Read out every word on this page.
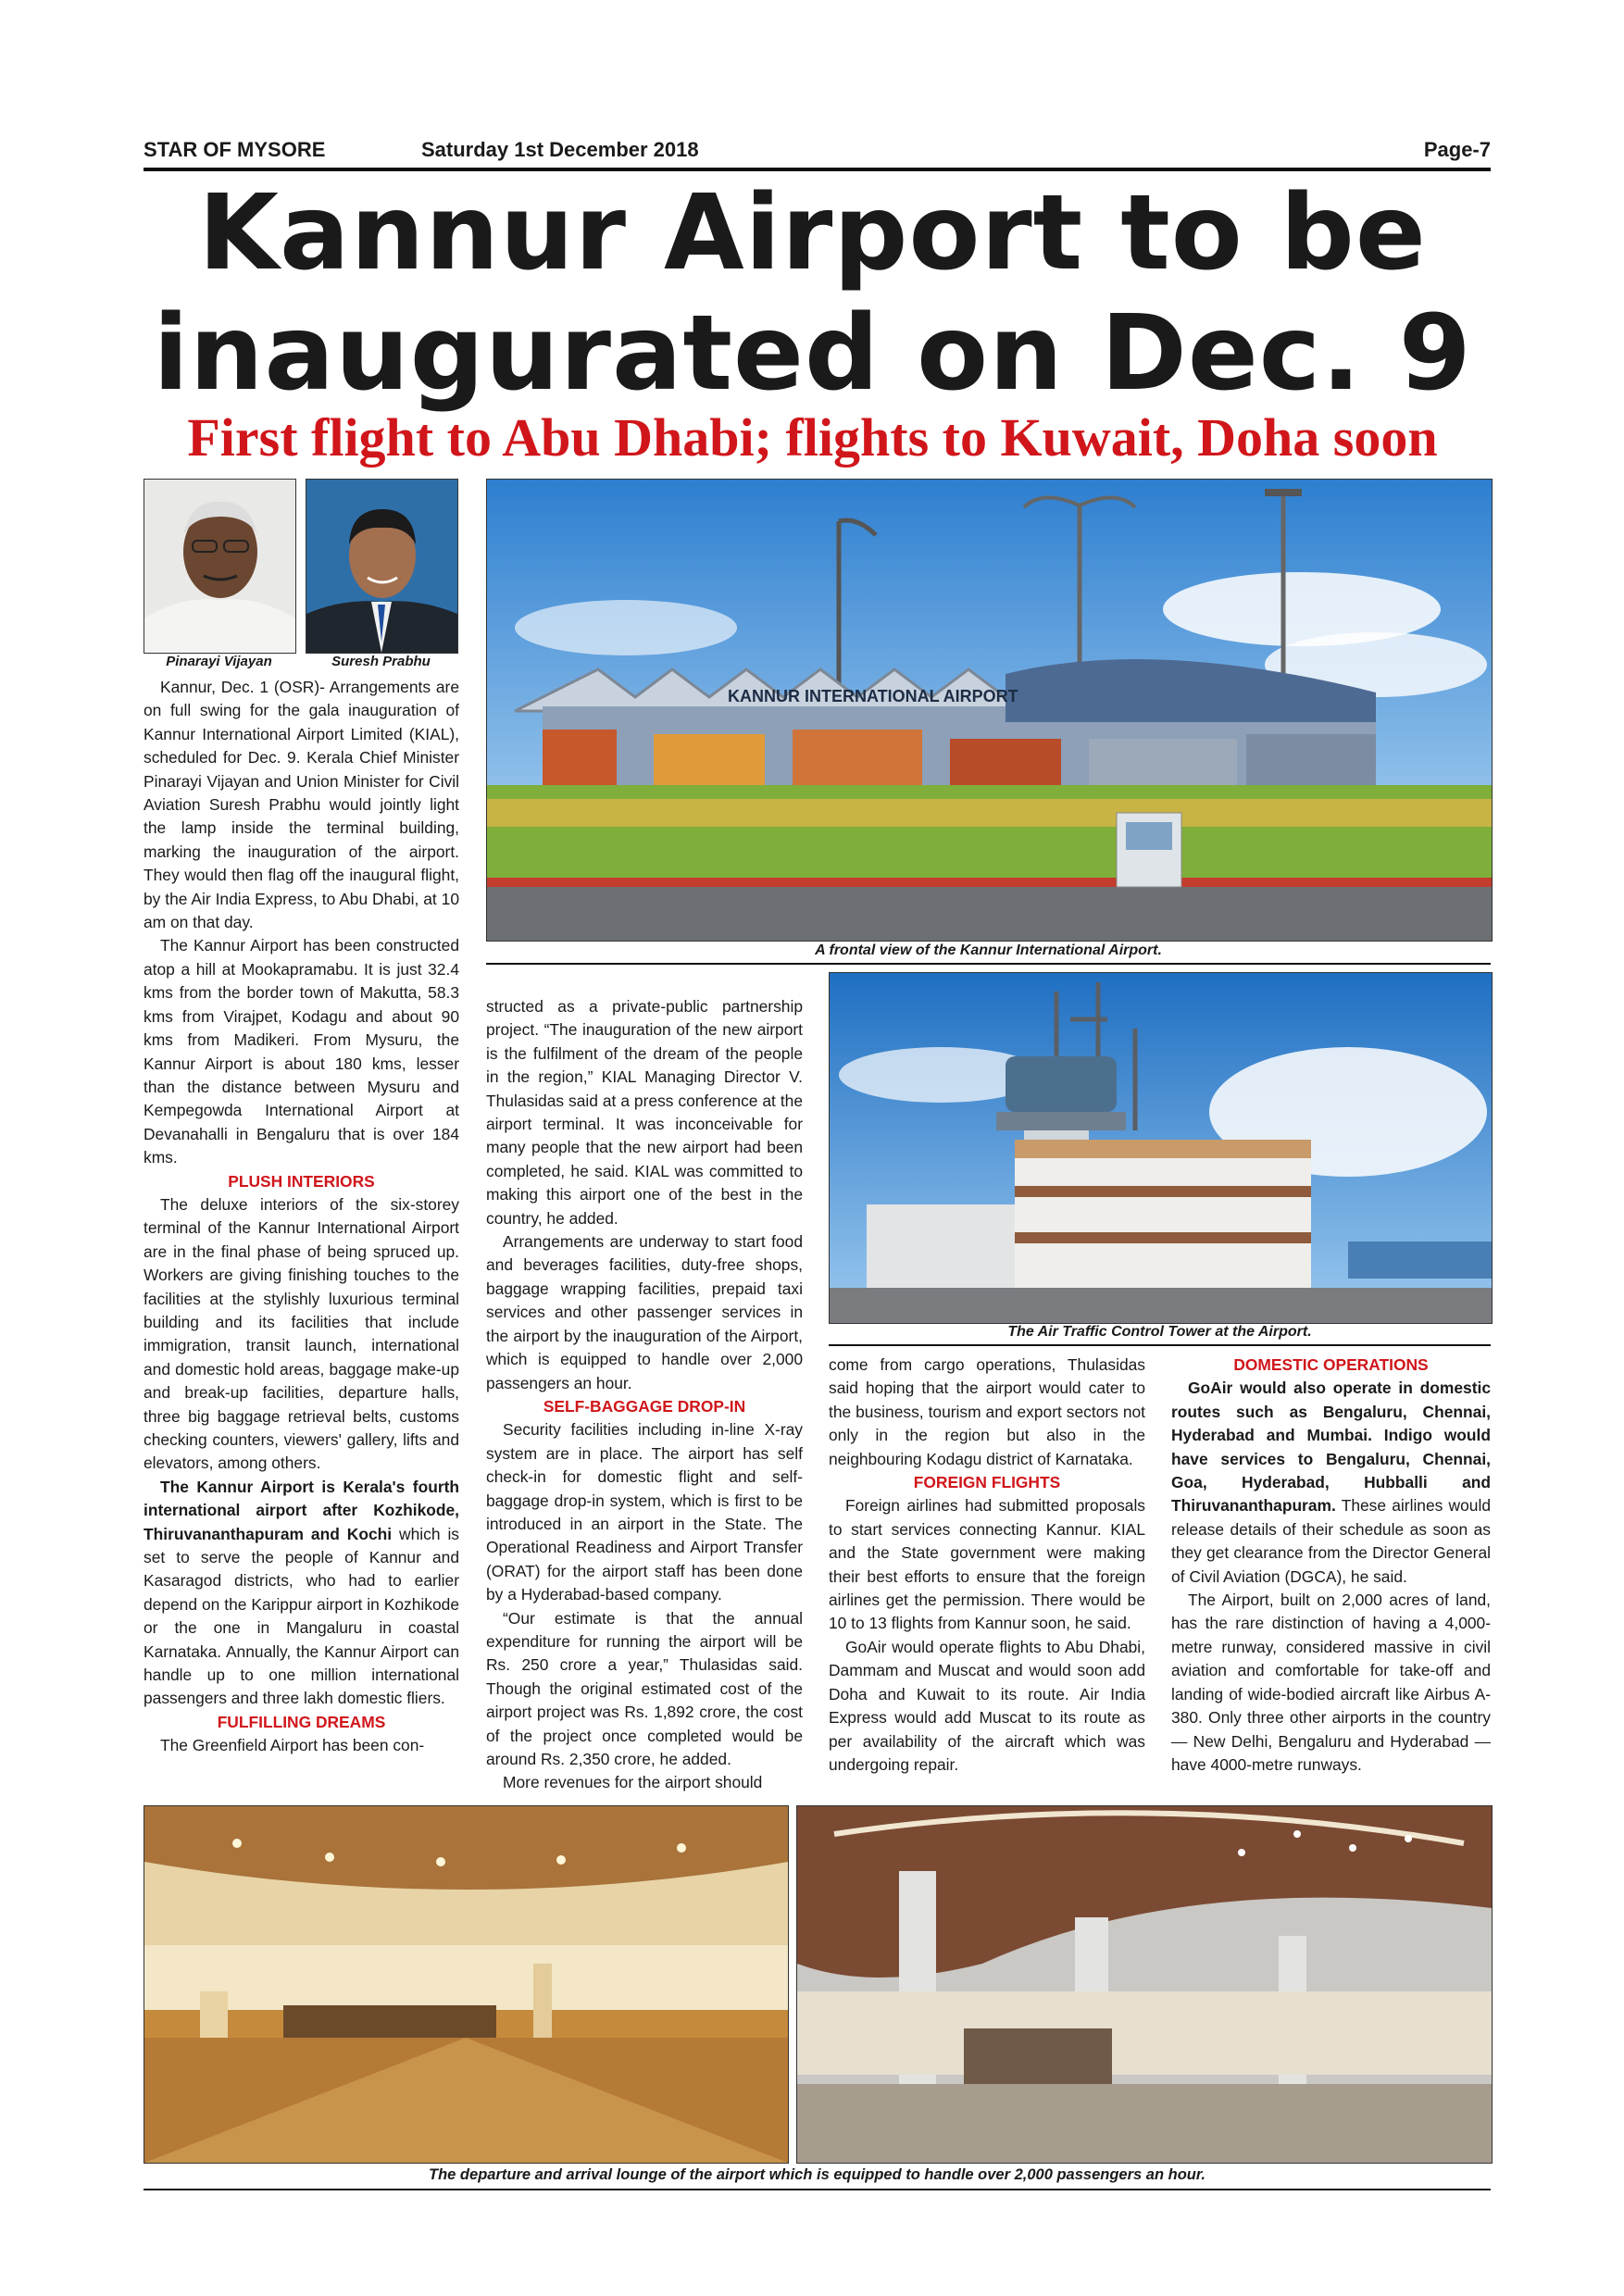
STAR OF MYSORE	Saturday 1st December 2018	Page-7
Kannur Airport to be
inaugurated on Dec. 9
First flight to Abu Dhabi; flights to Kuwait, Doha soon
Pinarayi Vijayan	Suresh Prabhu
KANNUR INTERNATIONAL AIRPORT
A frontal view of the Kannur International Airport.

Kannur, Dec. 1 (OSR)- Arrangements are on full swing for the gala inauguration of Kannur International Airport Limited (KIAL), scheduled for Dec. 9. Kerala Chief Minister Pinarayi Vijayan and Union Minister for Civil Aviation Suresh Prabhu would jointly light the lamp inside the terminal building, marking the inauguration of the airport. They would then flag off the inaugural flight, by the Air India Express, to Abu Dhabi, at 10 am on that day.

The Kannur Airport has been constructed atop a hill at Mookapramabu. It is just 32.4 kms from the border town of Makutta, 58.3 kms from Virajpet, Kodagu and about 90 kms from Madikeri. From Mysuru, the Kannur Airport is about 180 kms, lesser than the distance between Mysuru and Kempegowda International Airport at Devanahalli in Bengaluru that is over 184 kms.

PLUSH INTERIORS

The deluxe interiors of the six-storey terminal of the Kannur International Airport are in the final phase of being spruced up. Workers are giving finishing touches to the facilities at the stylishly luxurious terminal building and its facilities that include immigration, transit launch, international and domestic hold areas, baggage make-up and break-up facilities, departure halls, three big baggage retrieval belts, customs checking counters, viewers' gallery, lifts and elevators, among others.

The Kannur Airport is Kerala's fourth international airport after Kozhikode, Thiruvananthapuram and Kochi which is set to serve the people of Kannur and Kasaragod districts, who had to earlier depend on the Karippur airport in Kozhikode or the one in Mangaluru in coastal Karnataka. Annually, the Kannur Airport can handle up to one million international passengers and three lakh domestic fliers.

FULFILLING DREAMS

The Greenfield Airport has been con-

structed as a private-public partnership project. “The inauguration of the new airport is the fulfilment of the dream of the people in the region,” KIAL Managing Director V. Thulasidas said at a press conference at the airport terminal. It was inconceivable for many people that the new airport had been completed, he said. KIAL was committed to making this airport one of the best in the country, he added.

Arrangements are underway to start food and beverages facilities, duty-free shops, baggage wrapping facilities, prepaid taxi services and other passenger services in the airport by the inauguration of the Airport, which is equipped to handle over 2,000 passengers an hour.

SELF-BAGGAGE DROP-IN

Security facilities including in-line X-ray system are in place. The airport has self check-in for domestic flight and self-baggage drop-in system, which is first to be introduced in an airport in the State. The Operational Readiness and Airport Transfer (ORAT) for the airport staff has been done by a Hyderabad-based company.

“Our estimate is that the annual expenditure for running the airport will be Rs. 250 crore a year,” Thulasidas said. Though the original estimated cost of the airport project was Rs. 1,892 crore, the cost of the project once completed would be around Rs. 2,350 crore, he added.

More revenues for the airport should

The Air Traffic Control Tower at the Airport.

come from cargo operations, Thulasidas said hoping that the airport would cater to the business, tourism and export sectors not only in the region but also in the neighbouring Kodagu district of Karnataka.

FOREIGN FLIGHTS

Foreign airlines had submitted proposals to start services connecting Kannur. KIAL and the State government were making their best efforts to ensure that the foreign airlines get the permission. There would be 10 to 13 flights from Kannur soon, he said.

GoAir would operate flights to Abu Dhabi, Dammam and Muscat and would soon add Doha and Kuwait to its route. Air India Express would add Muscat to its route as per availability of the aircraft which was undergoing repair.

DOMESTIC OPERATIONS

GoAir would also operate in domestic routes such as Bengaluru, Chennai, Hyderabad and Mumbai. Indigo would have services to Bengaluru, Chennai, Goa, Hyderabad, Hubballi and Thiruvananthapuram. These airlines would release details of their schedule as soon as they get clearance from the Director General of Civil Aviation (DGCA), he said.

The Airport, built on 2,000 acres of land, has the rare distinction of having a 4,000-metre runway, considered massive in civil aviation and comfortable for take-off and landing of wide-bodied aircraft like Airbus A-380. Only three other airports in the country — New Delhi, Bengaluru and Hyderabad — have 4000-metre runways.

The departure and arrival lounge of the airport which is equipped to handle over 2,000 passengers an hour.
